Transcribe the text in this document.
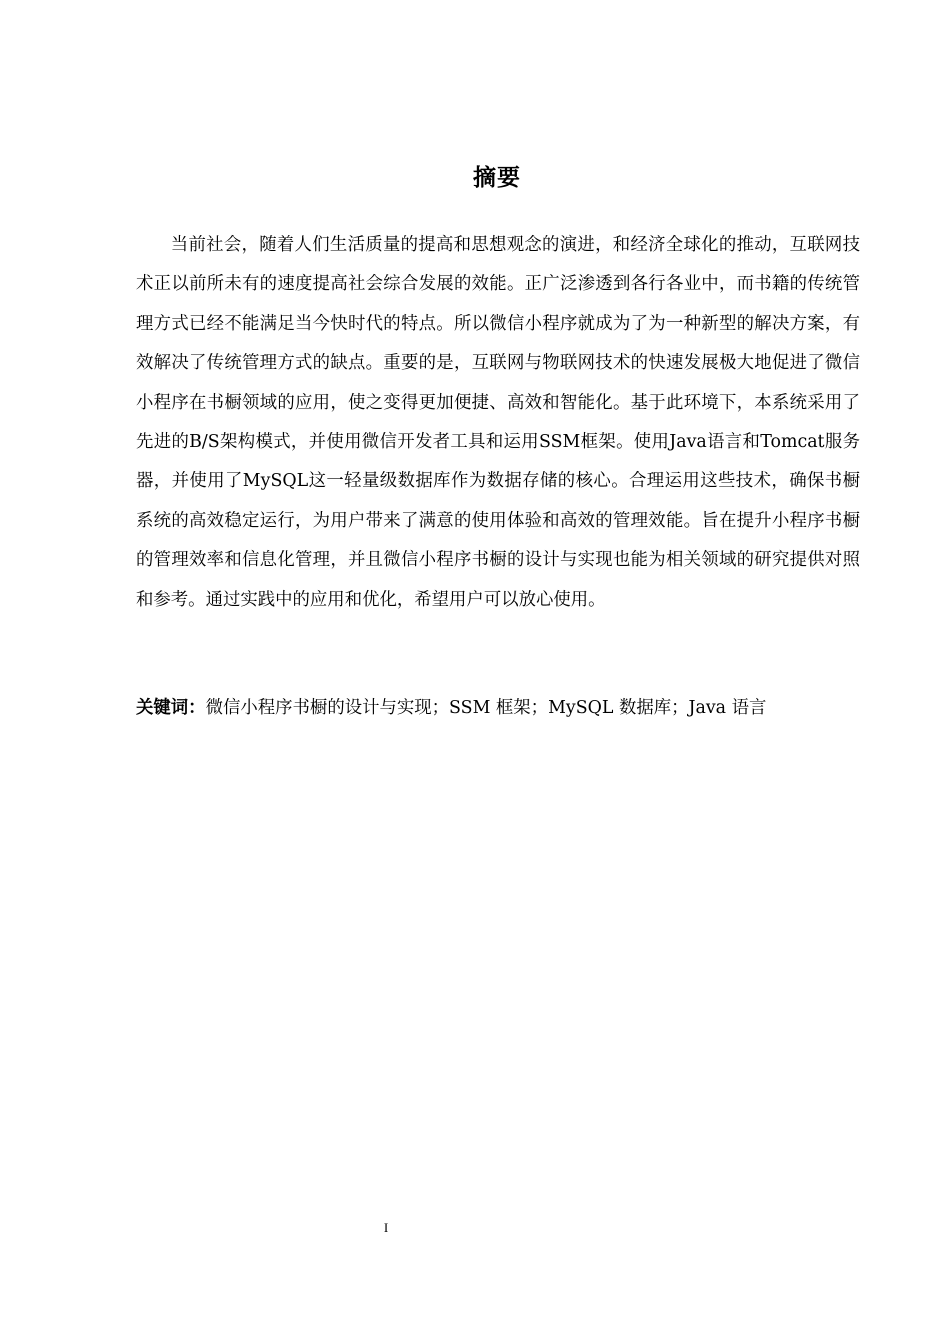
摘要

当前社会，随着人们生活质量的提高和思想观念的演进，和经济全球化的推动，互联网技术正以前所未有的速度提高社会综合发展的效能。正广泛渗透到各行各业中，而书籍的传统管理方式已经不能满足当今快时代的特点。所以微信小程序就成为了为一种新型的解决方案，有效解决了传统管理方式的缺点。重要的是，互联网与物联网技术的快速发展极大地促进了微信小程序在书橱领域的应用，使之变得更加便捷、高效和智能化。基于此环境下，本系统采用了先进的B/S架构模式，并使用微信开发者工具和运用SSM框架。使用Java语言和Tomcat服务器，并使用了MySQL这一轻量级数据库作为数据存储的核心。合理运用这些技术，确保书橱系统的高效稳定运行，为用户带来了满意的使用体验和高效的管理效能。旨在提升小程序书橱的管理效率和信息化管理，并且微信小程序书橱的设计与实现也能为相关领域的研究提供对照和参考。通过实践中的应用和优化，希望用户可以放心使用。

关键词：微信小程序书橱的设计与实现；SSM 框架；MySQL 数据库；Java 语言
I
